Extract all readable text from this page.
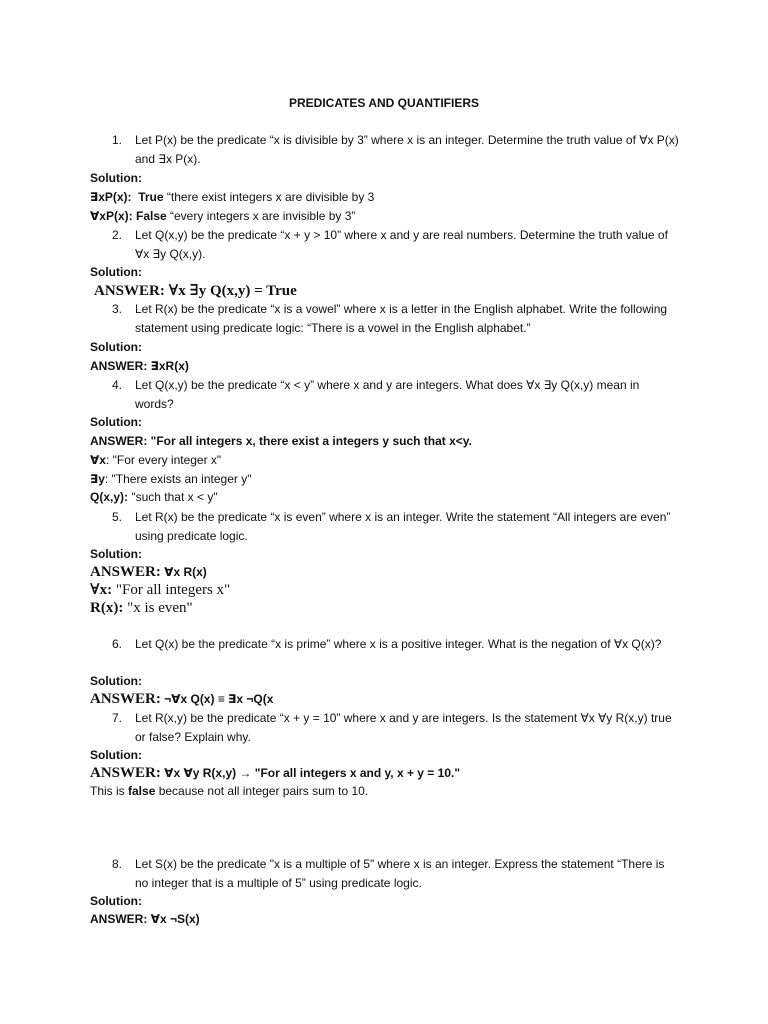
PREDICATES AND QUANTIFIERS
1. Let P(x) be the predicate “x is divisible by 3” where x is an integer. Determine the truth value of ∀x P(x) and ∃x P(x).
Solution:
∃xP(x): True “there exist integers x are divisible by 3
∀xP(x): False “every integers x are invisible by 3”
2. Let Q(x,y) be the predicate “x + y > 10” where x and y are real numbers. Determine the truth value of ∀x ∃y Q(x,y).
Solution:
ANSWER: ∀x ∃y Q(x,y) = True
3. Let R(x) be the predicate “x is a vowel” where x is a letter in the English alphabet. Write the following statement using predicate logic: “There is a vowel in the English alphabet.”
Solution:
ANSWER: ∃xR(x)
4. Let Q(x,y) be the predicate “x < y” where x and y are integers. What does ∀x ∃y Q(x,y) mean in words?
Solution:
ANSWER: "For all integers x, there exist a integers y such that x<y.
∀x: "For every integer x"
∃y: "There exists an integer y"
Q(x,y): "such that x < y"
5. Let R(x) be the predicate “x is even” where x is an integer. Write the statement “All integers are even” using predicate logic.
Solution:
ANSWER: ∀x R(x)
∀x: "For all integers x"
R(x): "x is even"
6. Let Q(x) be the predicate “x is prime” where x is a positive integer. What is the negation of ∀x Q(x)?
Solution:
ANSWER: ¬∀x Q(x) ≡ ∃x ¬Q(x
7. Let R(x,y) be the predicate “x + y = 10” where x and y are integers. Is the statement ∀x ∀y R(x,y) true or false? Explain why.
Solution:
ANSWER: ∀x ∀y R(x,y) → "For all integers x and y, x + y = 10."
This is false because not all integer pairs sum to 10.
8. Let S(x) be the predicate "x is a multiple of 5" where x is an integer. Express the statement “There is no integer that is a multiple of 5” using predicate logic.
Solution:
ANSWER: ∀x ¬S(x)
